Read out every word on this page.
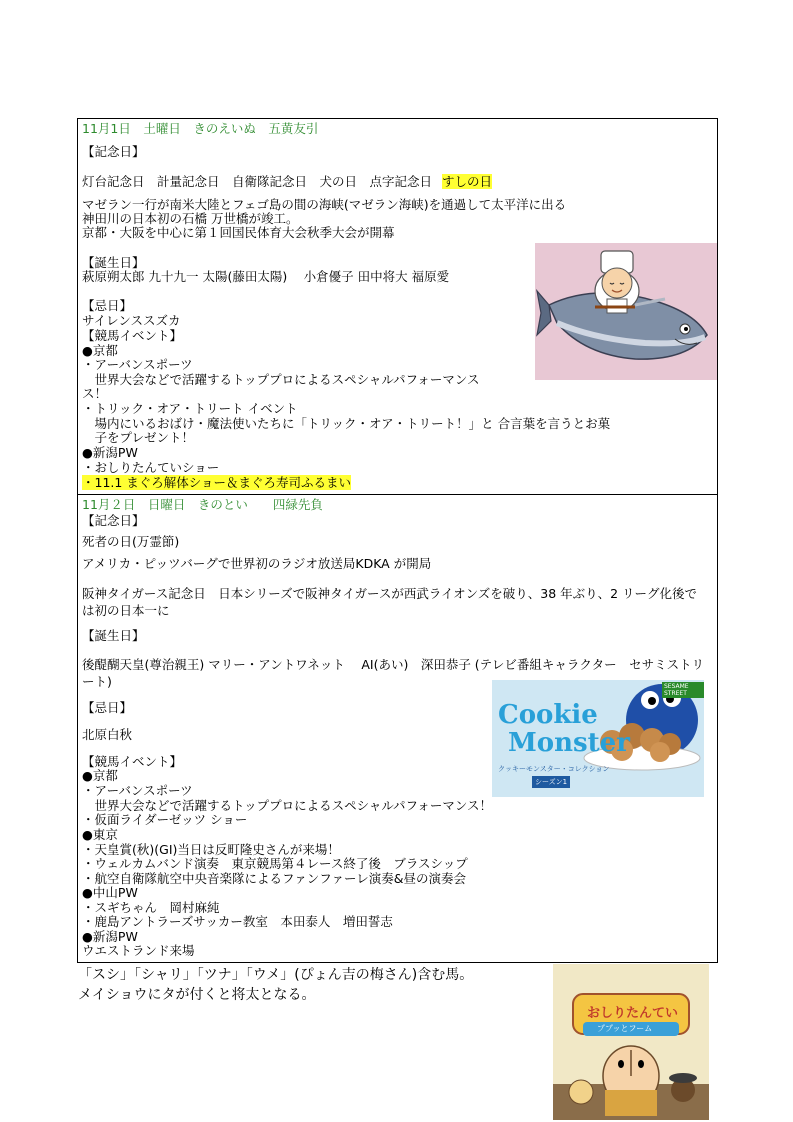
11月1日　土曜日　きのえいぬ　五黄友引
【記念日】
灯台記念日　計量記念日　自衛隊記念日　犬の日　点字記念日 すしの日
マゼラン一行が南米大陸とフェゴ島の間の海峡(マゼラン海峡)を通過して太平洋に出る
神田川の日本初の石橋 万世橋が竣工。
京都・大阪を中心に第１回国民体育大会秋季大会が開幕
【誕生日】
萩原朔太郎 九十九一 太陽(藤田太陽)　 小倉優子 田中将大 福原愛
【忌日】
サイレンススズカ
【競馬イベント】
●京都
・アーバンスポーツ
　世界大会などで活躍するトッププロによるスペシャルパフォーマンス
ス！
・トリック・オア・トリート イベント
　場内にいるおばけ・魔法使いたちに「トリック・オア・トリート！」と 合言葉を言うとお菓
　子をプレゼント！
●新潟PW
・おしりたんていショー
・11.1 まぐろ解体ショー＆まぐろ寿司ふるまい
11月２日　日曜日　きのとい　　四緑先負
【記念日】
死者の日(万霊節)
アメリカ・ピッツバーグで世界初のラジオ放送局KDKA が開局
阪神タイガース記念日　日本シリーズで阪神タイガースが西武ライオンズを破り、38 年ぶり、2 リーグ化後では初の日本一に
【誕生日】
後醍醐天皇(尊治親王) マリー・アントワネット　 AI(あい)　深田恭子 (テレビ番組キャラクター　セサミストリート)
【忌日】
北原白秋
【競馬イベント】
●京都
・アーバンスポーツ
　世界大会などで活躍するトッププロによるスペシャルパフォーマンス！
・仮面ライダーゼッツ ショー
●東京
・天皇賞(秋)(GI)当日は反町隆史さんが来場！
・ウェルカムバンド演奏　東京競馬第４レース終了後　ブラスシップ
・航空自衛隊航空中央音楽隊によるファンファーレ演奏&昼の演奏会
●中山PW
・スギちゃん　岡村麻純
・鹿島アントラーズサッカー教室　本田泰人　増田誓志
●新潟PW
ウエストランド来場
SESAME STREET
Cookie
Monster
クッキーモンスター・コレクション
シーズン1
「スシ」「シャリ」「ツナ」「ウメ」(ぴょん吉の梅さん)含む馬。
メイショウにタが付くと将太となる。
おしりたんてい
ププッとフーム
